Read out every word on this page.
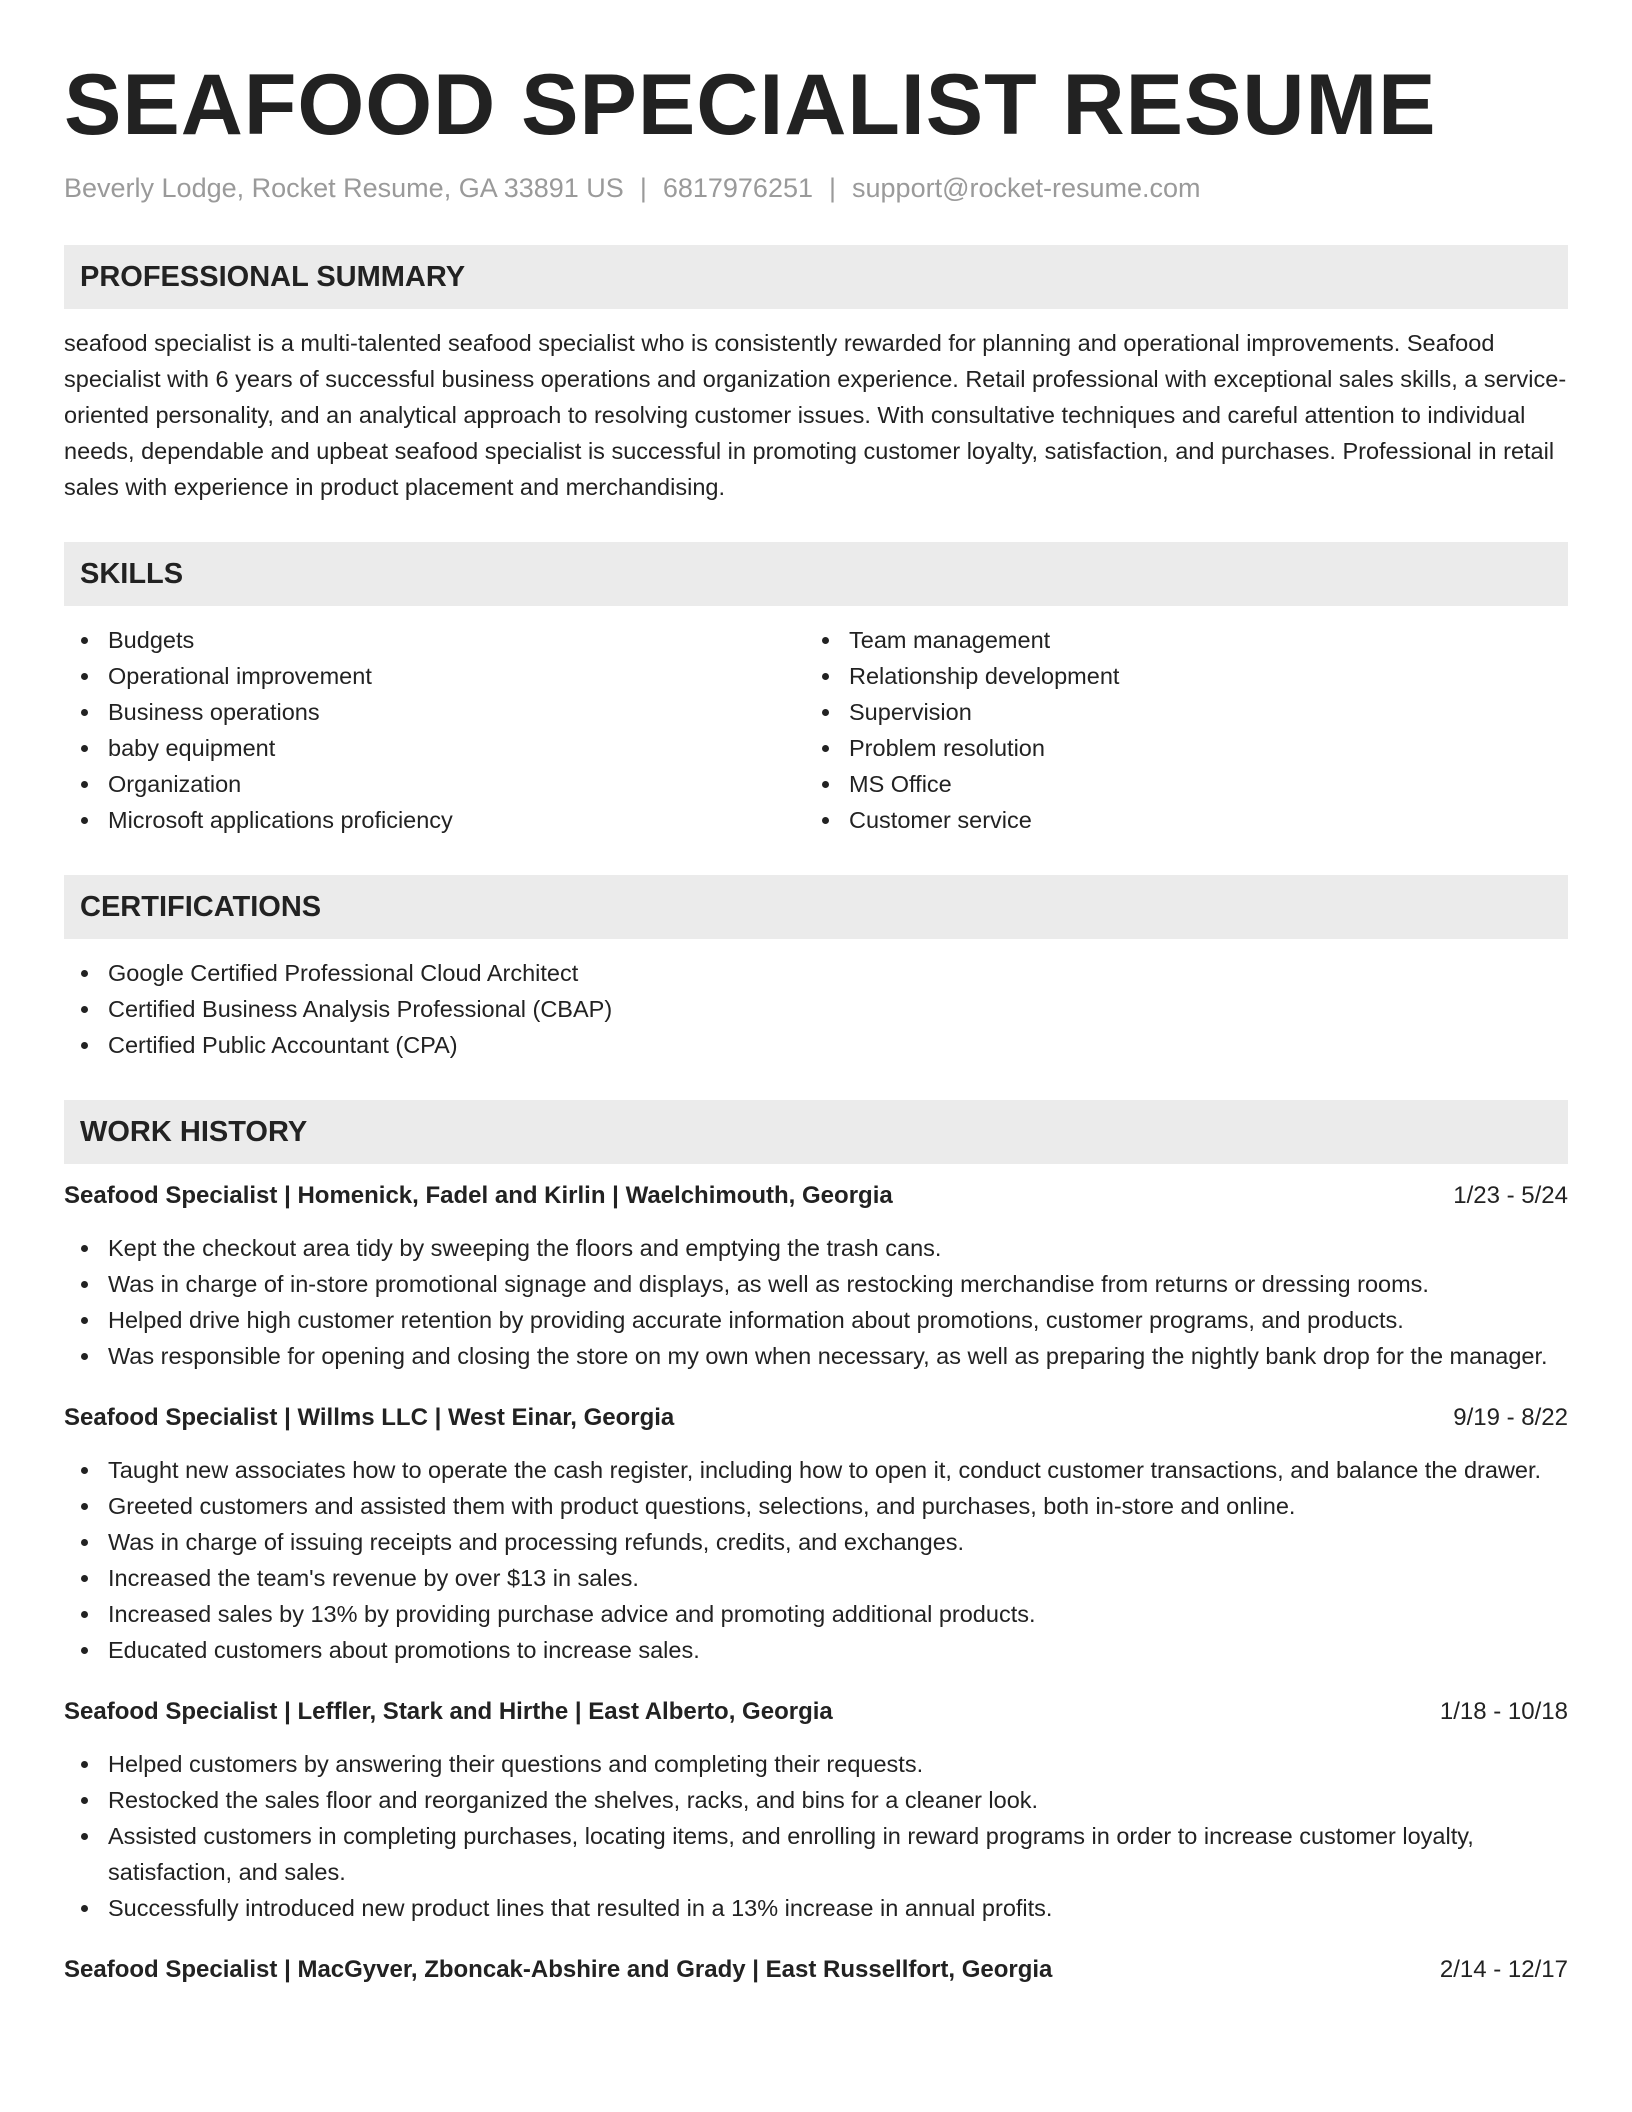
SEAFOOD SPECIALIST RESUME
Beverly Lodge, Rocket Resume, GA 33891 US | 6817976251 | support@rocket-resume.com
PROFESSIONAL SUMMARY
seafood specialist is a multi-talented seafood specialist who is consistently rewarded for planning and operational improvements. Seafood specialist with 6 years of successful business operations and organization experience. Retail professional with exceptional sales skills, a service-oriented personality, and an analytical approach to resolving customer issues. With consultative techniques and careful attention to individual needs, dependable and upbeat seafood specialist is successful in promoting customer loyalty, satisfaction, and purchases. Professional in retail sales with experience in product placement and merchandising.
SKILLS
Budgets
Operational improvement
Business operations
baby equipment
Organization
Microsoft applications proficiency
Team management
Relationship development
Supervision
Problem resolution
MS Office
Customer service
CERTIFICATIONS
Google Certified Professional Cloud Architect
Certified Business Analysis Professional (CBAP)
Certified Public Accountant (CPA)
WORK HISTORY
Seafood Specialist | Homenick, Fadel and Kirlin | Waelchimouth, Georgia	1/23 - 5/24
Kept the checkout area tidy by sweeping the floors and emptying the trash cans.
Was in charge of in-store promotional signage and displays, as well as restocking merchandise from returns or dressing rooms.
Helped drive high customer retention by providing accurate information about promotions, customer programs, and products.
Was responsible for opening and closing the store on my own when necessary, as well as preparing the nightly bank drop for the manager.
Seafood Specialist | Willms LLC | West Einar, Georgia	9/19 - 8/22
Taught new associates how to operate the cash register, including how to open it, conduct customer transactions, and balance the drawer.
Greeted customers and assisted them with product questions, selections, and purchases, both in-store and online.
Was in charge of issuing receipts and processing refunds, credits, and exchanges.
Increased the team's revenue by over $13 in sales.
Increased sales by 13% by providing purchase advice and promoting additional products.
Educated customers about promotions to increase sales.
Seafood Specialist | Leffler, Stark and Hirthe | East Alberto, Georgia	1/18 - 10/18
Helped customers by answering their questions and completing their requests.
Restocked the sales floor and reorganized the shelves, racks, and bins for a cleaner look.
Assisted customers in completing purchases, locating items, and enrolling in reward programs in order to increase customer loyalty, satisfaction, and sales.
Successfully introduced new product lines that resulted in a 13% increase in annual profits.
Seafood Specialist | MacGyver, Zboncak-Abshire and Grady | East Russellfort, Georgia	2/14 - 12/17
